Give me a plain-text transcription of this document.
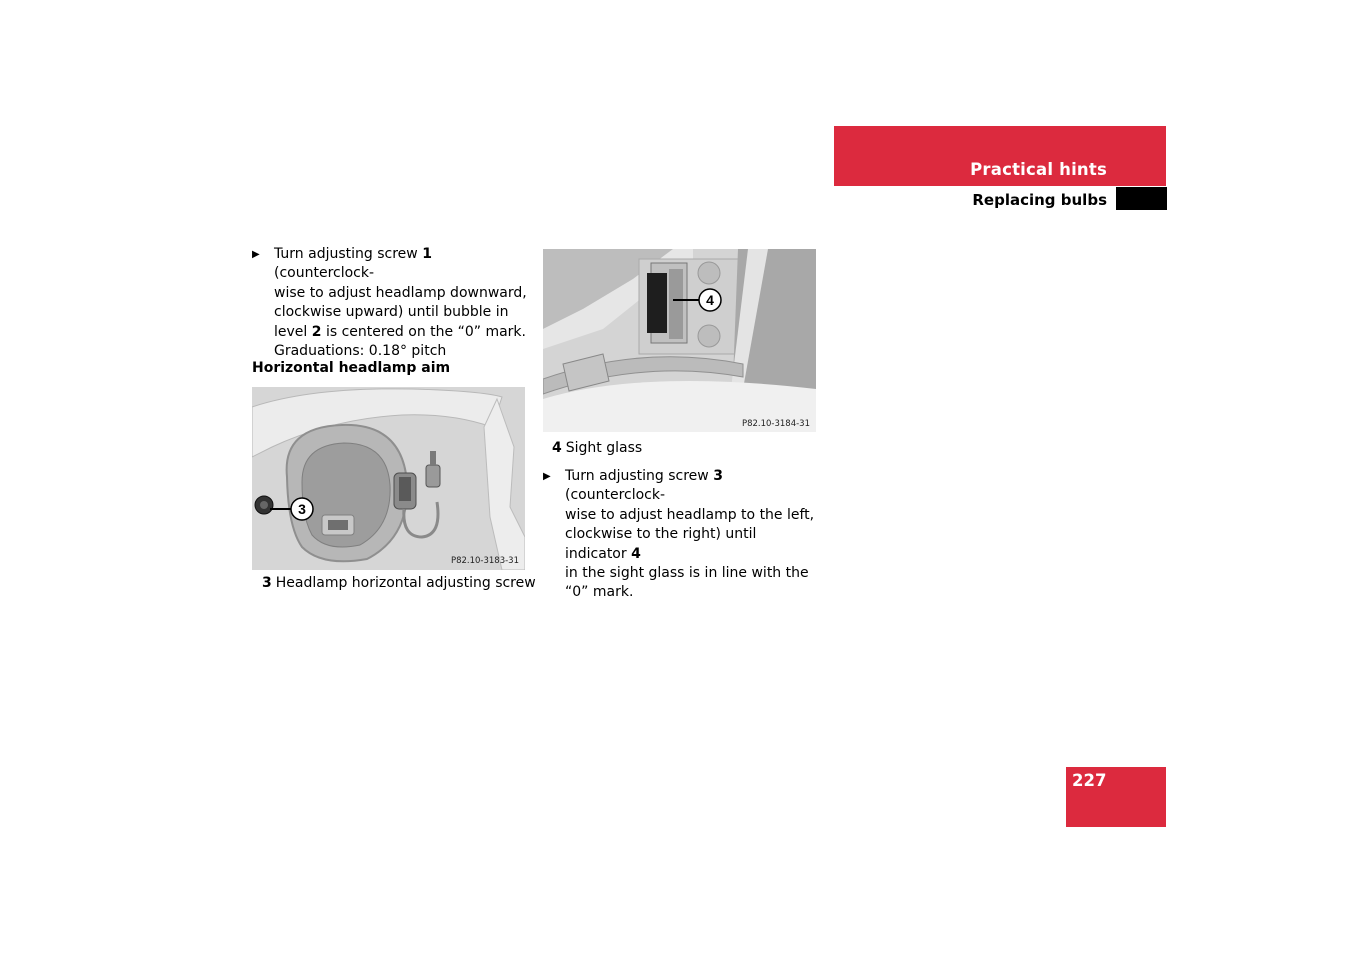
Practical hints
Replacing bulbs
▶	Turn adjusting screw 1 (counterclock-
wise to adjust headlamp downward,
clockwise upward) until bubble in
level 2 is centered on the “0” mark.
Graduations: 0.18° pitch
Horizontal headlamp aim
3
P82.10-3183-31
3 Headlamp horizontal adjusting screw
4
P82.10-3184-31
4 Sight glass
▶	Turn adjusting screw 3 (counterclock-
wise to adjust headlamp to the left,
clockwise to the right) until indicator 4
in the sight glass is in line with the
“0” mark.
227
